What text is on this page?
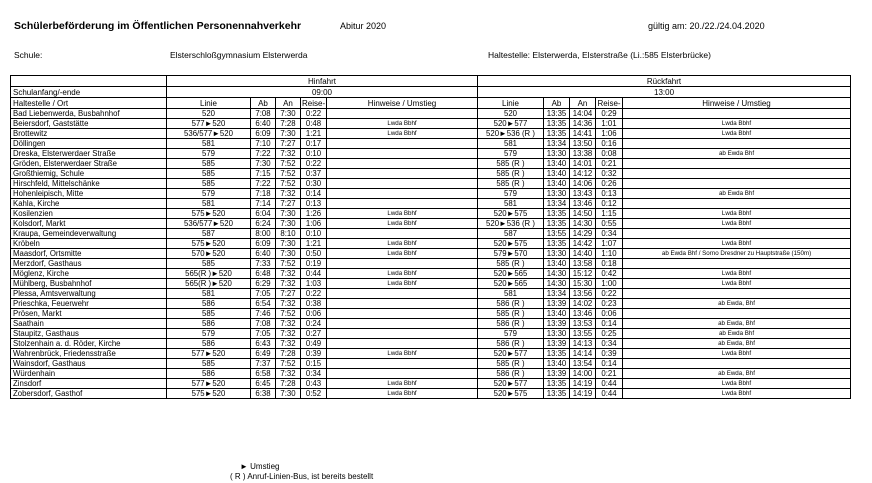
Schülerbeförderung im Öffentlichen Personennahverkehr	Abitur 2020	gültig am: 20./22./24.04.2020
Schule:	Elsterschloßgymnasium Elsterwerda	Haltestelle: Elsterwerda, Elsterstraße (Li.:585 Elsterbrücke)
	Hinfahrt					Rückfahrt				
Schulanfang/-ende	09:00					13:00				
Haltestelle / Ort	Linie	Ab	An	Reise-	Hinweise / Umstieg	Linie	Ab	An	Reise-	Hinweise / Umstieg
Bad Liebenwerda, Busbahnhof	520	7:08	7:30	0:22		520	13:35	14:04	0:29	
Beiersdorf, Gaststätte	577►520	6:40	7:28	0:48	Lwda Bbhf	520►577	13:35	14:36	1:01	Lwda Bbhf
Brottewitz	536/577►520	6:09	7:30	1:21	Lwda Bbhf	520►536 (R )	13:35	14:41	1:06	Lwda Bbhf
Döllingen	581	7:10	7:27	0:17		581	13:34	13:50	0:16	
Dreska, Elsterwerdaer Straße	579	7:22	7:32	0:10		579	13:30	13:38	0:08	ab Ewda Bhf
Gröden, Elsterwerdaer Straße	585	7:30	7:52	0:22		585 (R )	13:40	14:01	0:21	
Großthiemig, Schule	585	7:15	7:52	0:37		585 (R )	13:40	14:12	0:32	
Hirschfeld, Mittelschänke	585	7:22	7:52	0:30		585 (R )	13:40	14:06	0:26	
Hohenleipisch, Mitte	579	7:18	7:32	0:14		579	13:30	13:43	0:13	ab Ewda Bhf
Kahla, Kirche	581	7:14	7:27	0:13		581	13:34	13:46	0:12	
Kosilenzien	575►520	6:04	7:30	1:26	Lwda Bbhf	520►575	13:35	14:50	1:15	Lwda Bbhf
Kolsdorf, Markt	536/577►520	6:24	7:30	1:06	Lwda Bbhf	520►536 (R )	13:35	14:30	0:55	Lwda Bbhf
Kraupa, Gemeindeverwaltung	587	8:00	8:10	0:10		587	13:55	14:29	0:34	
Kröbeln	575►520	6:09	7:30	1:21	Lwda Bbhf	520►575	13:35	14:42	1:07	Lwda Bbhf
Maasdorf, Ortsmitte	570►520	6:40	7:30	0:50	Lwda Bbhf	579►570	13:30	14:40	1:10	ab Ewda Bhf / Sorno Dresdner zu Hauptstraße (150m)
Merzdorf, Gasthaus	585	7:33	7:52	0:19		585 (R )	13:40	13:58	0:18	
Möglenz, Kirche	565(R )►520	6:48	7:32	0:44	Lwda Bbhf	520►565	14:30	15:12	0:42	Lwda Bbhf
Mühlberg, Busbahnhof	565(R )►520	6:29	7:32	1:03	Lwda Bbhf	520►565	14:30	15:30	1:00	Lwda Bbhf
Plessa, Amtsverwaltung	581	7:05	7:27	0:22		581	13:34	13:56	0:22	
Prieschka, Feuerwehr	586	6:54	7:32	0:38		586 (R )	13:39	14:02	0:23	ab Ewda, Bhf
Prösen, Markt	585	7:46	7:52	0:06		585 (R )	13:40	13:46	0:06	
Saathain	586	7:08	7:32	0:24		586 (R )	13:39	13:53	0:14	ab Ewda, Bhf
Staupitz, Gasthaus	579	7:05	7:32	0:27		579	13:30	13:55	0:25	ab Ewda Bhf
Stolzenhain a. d. Röder, Kirche	586	6:43	7:32	0:49		586 (R )	13:39	14:13	0:34	ab Ewda, Bhf
Wahrenbrück, Friedensstraße	577►520	6:49	7:28	0:39	Lwda Bbhf	520►577	13:35	14:14	0:39	Lwda Bbhf
Wainsdorf, Gasthaus	585	7:37	7:52	0:15		585 (R )	13:40	13:54	0:14	
Würdenhain	586	6:58	7:32	0:34		586 (R )	13:39	14:00	0:21	ab Ewda, Bhf
Zinsdorf	577►520	6:45	7:28	0:43	Lwda Bbhf	520►577	13:35	14:19	0:44	Lwda Bbhf
Zobersdorf, Gasthof	575►520	6:38	7:30	0:52	Lwda Bbhf	520►575	13:35	14:19	0:44	Lwda Bbhf
► Umstieg
( R ) Anruf-Linien-Bus, ist bereits bestellt
